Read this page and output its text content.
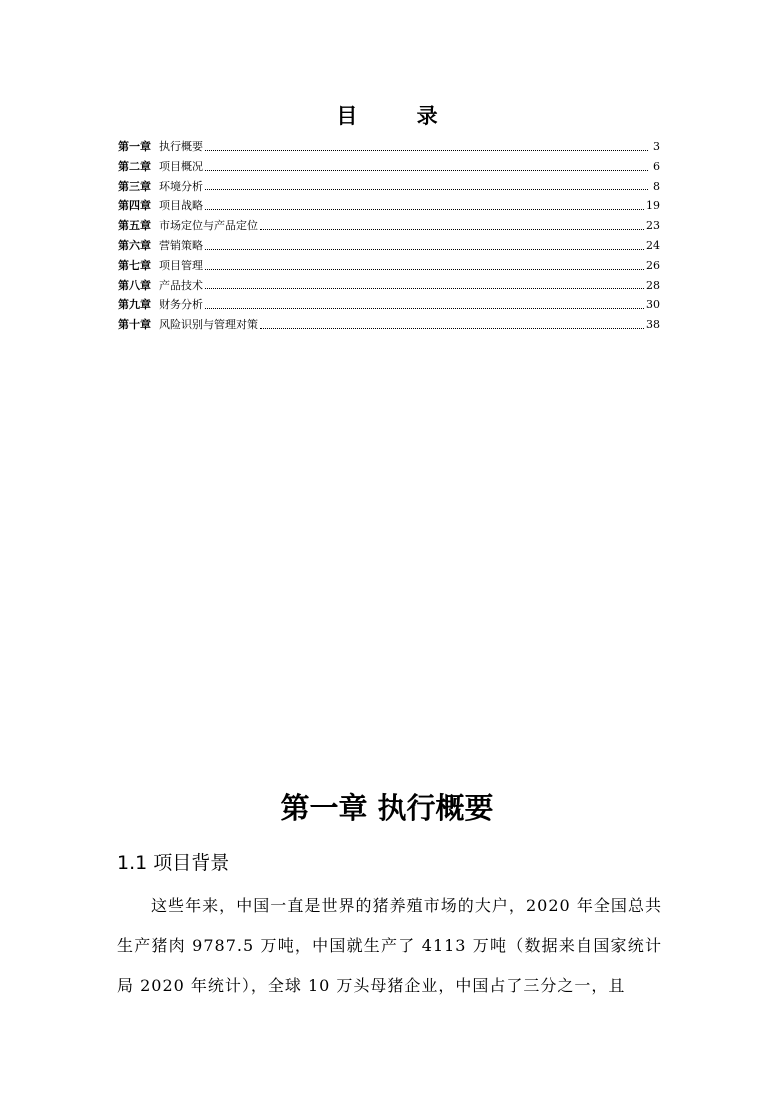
目 录
第一章 执行概要	3
第二章 项目概况	6
第三章 环境分析	8
第四章 项目战略	19
第五章 市场定位与产品定位	23
第六章 营销策略	24
第七章 项目管理	26
第八章 产品技术	28
第九章 财务分析	30
第十章 风险识别与管理对策	38
第一章 执行概要
1.1 项目背景

这些年来，中国一直是世界的猪养殖市场的大户，2020 年全国总共生产猪肉 9787.5 万吨，中国就生产了 4113 万吨（数据来自国家统计局 2020 年统计），全球 10 万头母猪企业，中国占了三分之一，且
